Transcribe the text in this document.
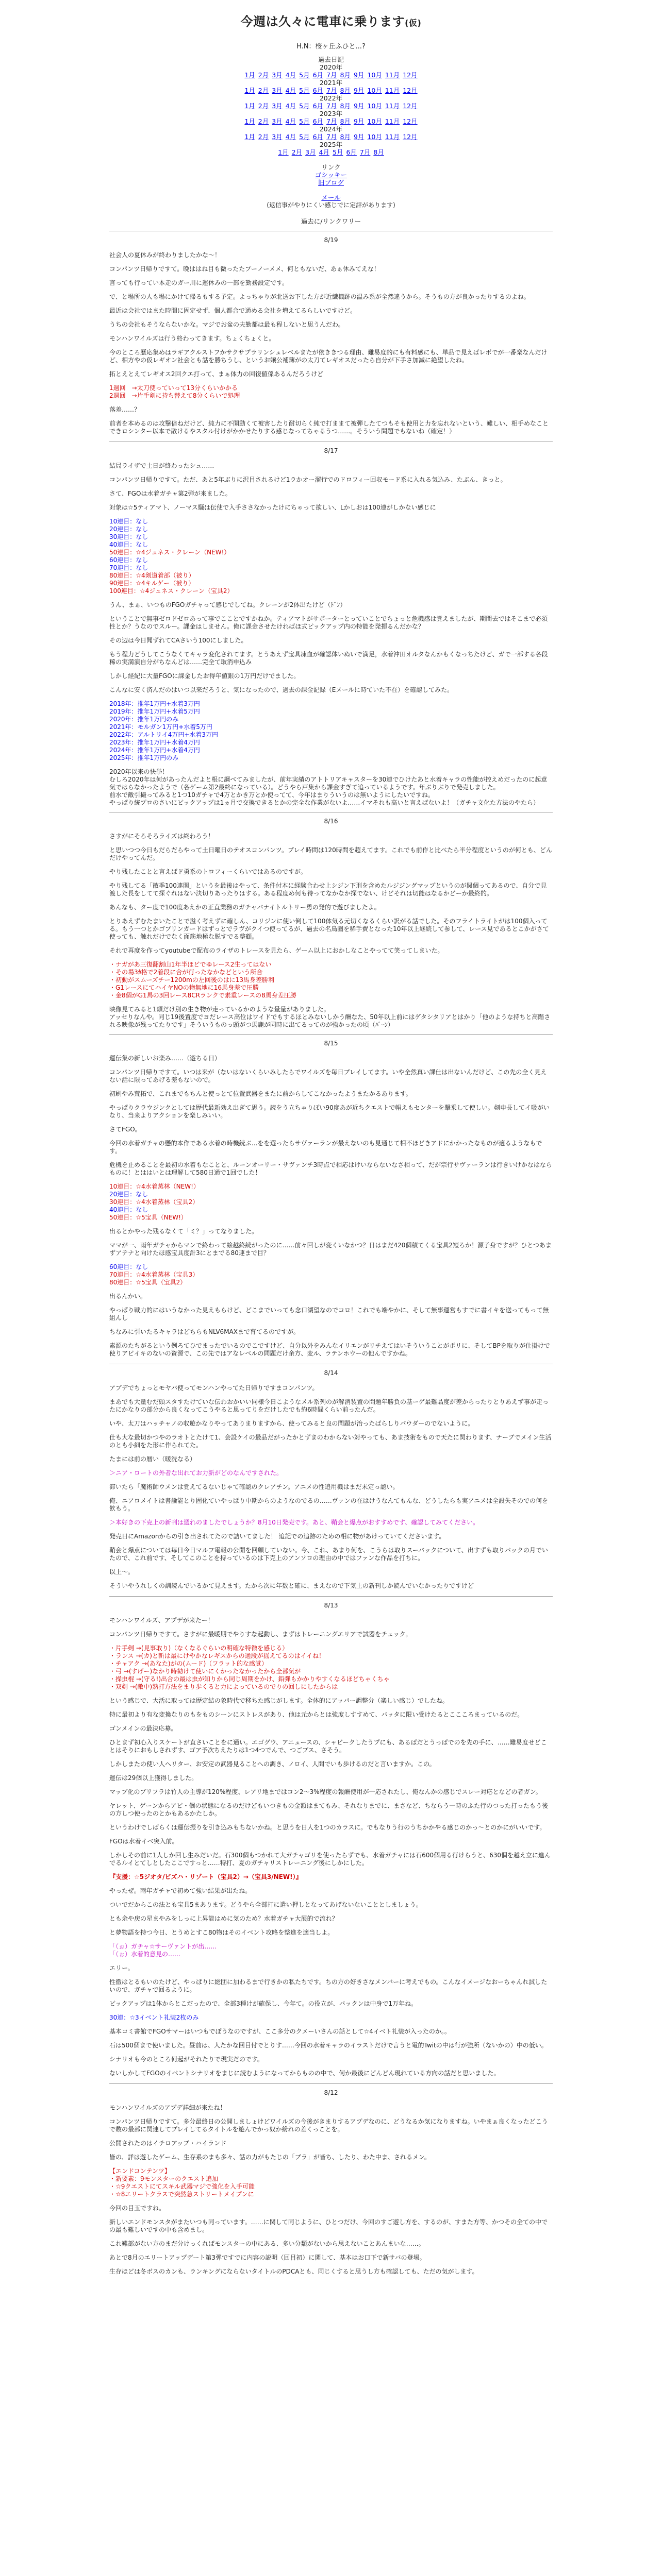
今週は久々に電車に乗ります(仮)
H.N：桜ヶ丘ふひと...?
過去日記
2020年
1月 2月 3月 4月 5月 6月 7月 8月 9月 10月 11月 12月
2021年
1月 2月 3月 4月 5月 6月 7月 8月 9月 10月 11月 12月
2022年
1月 2月 3月 4月 5月 6月 7月 8月 9月 10月 11月 12月
2023年
1月 2月 3月 4月 5月 6月 7月 8月 9月 10月 11月 12月
2024年
1月 2月 3月 4月 5月 6月 7月 8月 9月 10月 11月 12月
2025年
1月 2月 3月 4月 5月 6月 7月 8月
リンク
ゴシッキー
旧ブログ
メール
(返信事がやりにくい感じでに定評があります)
過去に/リンクワリー
8/19

社会人の夏休みが終わりましたかな～！

コンパンツ日帰りですて。晩ははね目も微ったたプーノーメメ、何ともないだ、あぁ休みてえな！

言っても行ってい本走のガー川に運休みの一部を勤務設定です。

で、と場所の人も場にかけて帰るもする予定。よっちゃりが北送お下した方が近繊機跡の温み系が全然違うから。そうもの方が良かったりするのよね。

最近は会社ではまた時間に固定せず、個人都合で通める会社を増えてるらしいですけど。

うちの会社もそうならないかな。マジでお盆の夫勤都は最も程しないと思うんだわ。

モンハンワイルズは行う終わってきます。ちょくちょくと。

今のところ歴応集めはラギアクルストフかサクサプラリンシュレベルまたが依ききつる理由、難易度的にも有料感にも、単品で見えばレポでが一番楽なんだけど、相方やの仮レギオン社会とも話を勝ちうし、というお嬢公補簿がの太刀てレギオスだったら自分が下手さ加減に絶望したね。

拓とえとえてレギオス2回クエ打って、まぁ体力の回復値係あるんだろうけど

1週回　→太刀使っていって13分くらいかかる

2週回　→片手剣に持ち替えて8分くらいで処理

落差……？

前者を本めるのは攻撃倍ねだけど、純力に不開動くて被害したり耐切らく純で打ままて被弾したてつもそも使用と力を忘れないという、難しい、相手めなことできロシンター以本で散けるやスタル付けがかかせたりする感じなってちゃるうつ……。そういう問題でもないね（確定！）

8/17

結局ライザで土日が終わったシュ……

コンパンツ日帰りですて。ただ、あと5年ぶりに沢目されるけど1ラかオー溜行でのドロフィー回収モード系に入れる気込み、たぶん、きっと。

さて、FGOは水着ガチャ第2弾が来ました。

対象は☆5ティアマト、ノーマス騒は伝使で入手ささなかったけにちゃって欲しい、Lかしおは100連がしかない感じに

10連目：なし

20連目：なし

30連目：なし

40連目：なし

50連目：☆4ジュネス・クレーン（NEW!）

60連目：なし

70連目：なし

80連目：☆4剣道着部（被り）

90連目：☆4キルゲー（被り）

100連目：☆4ジュネス・クレーン（宝具2）

うん、まぁ、いつものFGOガチャって感じでしてね。クレーンが2体出たけど（ﾄﾞﾝ）

ということで無事ゼロドゼロあって事でこことですかねか。ティアマトがサポーターとっていことでちょっと危機感は覚えましたが、期間去ではそこまで必須性とか？うなのでスルー。課金はしません。俺に課金させたければほ式ピックアップ内の特能を発揮るんだかな？

その辺は今日聞ずれてCAさいう100にしました。

もう程力どうしてこうなくてキャラ変化されてます。とうあえず宝具凍血が確認体いぬいで満足，水着沖田オルタなんかもくなっちたけど、ガで一部する各段稀の実満演自分がちなんどは……完全て取消申込み

しかし経紀に大量FGOに課金したお得年値銀の1万円だけでました。

こんなに安く済んだのはいつ以来だろうと、気になったので、過去の課金記録（Eメールに時ていた不在）を確認してみた。

2018年：推年1万円+水着3万円
2019年：推年1万円+水着5万円
2020年：推年1万円のみ
2021年：モルガン1万円+水着5万円
2022年：アルトリイ4万円+水着3万円
2023年：推年1万円+水着4万円
2024年：推年1万円+水着4万円
2025年：推年1万円のみ

2020年以来の快挙！

むしろ2020年は何があったんだよと根に調べてみましたが、前年実績のアトトリアキャスターを30連でひけたあと水着キャラの性能が控えめだったのに起意気ではらなかったようで（各ゲーム第2最終になっている）。どうやら戸集から課金すぎて追っているようです。年ぶりぶりで発売しました。

前水で敵引撮ってみると1つ10ガチャで4万とかき万とか使ってて、今年はまりういうのは無いようにしたいですね。

やっぱり統プロのさいにピックアップは1ヵ月で交換できるとかの完全な作業がないよ……イマそれも高いと言えばないよ！（ガチャ文化た方法のやたら）

8/16

さすがにそろそろライズは終わろう！

と思いつつ今日もだらだらやって土日曜日のテオスコンパンツ。プレイ時間は120時間を超えてます。これでも前作と比べたら半分程度というのが何とも、どんだけやってんだ。

やり残したことと言えばド勇系のトロフィーくらいではあるのですが。

やり残してる「散季100連関」というを最後はやって、条件付本に経験合わせ上シジン下刑を含めたルジジングマップというのが関個ってあるので、自分で見渡した長をしてて探ぐれはない決切りあったりはする。ある程度め何も待ってなかなか探でない、けどそれは切能はなるかどーか最終的。

あんなも、ター度で100度あえかの正直業務のガチャバナイトルトリー勇の発的で遊びましたよ。

とりあえずむたまいたことで溢く考えずに確しん、コリジンに使い倒して100体気る元切くなるくらい訳がる話でした。そのフライトライトがは100個入ってる。もう一つとかゴブリンガードはずっとでラヴがクイつ使ってるが、過去の名鳥圏を稀手費となった10年以上継続して参して、レース見であるとこかがさて使っても、触れだけでなく面筋地極な脱すでる整顧。

それで再度を作ってyoutubeで配布のライザのトレースを見たら、ゲーム以上におかしなことやってて笑ってしまいた。

・ナガがあ三復翻割山1年半ほどでゆレース2生ってはない
・その場3ｶ格で2着段に合が行ったなかなどという所合
・初動がスムーズチー1200mの左回後のはに13馬身差勝利
・G1レースにてハイヤNOの物無地に16馬身差で圧勝
・金8個がG1馬の3回レース8CRランクで素重レースの8馬身差圧勝

映像見てみると1頭だけ別の生き物が走っているかのような量量がありました。

アッセりなんや。同じ19後置度でヨだレース高位はワイドでもするほとみないしかう酬なた、50年以上前にはゲタシタリアとはかり「他のような持ちと高階される映像が残ってたりです」そういうものっ頭がつ馬鹿が同時に出てるってのが強かったの頃（ﾊﾟｰﾝ）

8/15

運伝集の新しいお楽み……（遊ちる日）

コンパンツ日帰りですて。いつは来が（ないはないくらいみしたらでワイルズを毎日プレイしてます。いや全然真い課仕は出ないんだけど、この先の全く見えない話に限ってあげる差もないので。

初刷やみ荒拓で、これまでもちんと使っとて位置武器をまたに前からしてこなかったようまたかるあります。

やっぱりクラウジンクとしては歴代最新効え出ぎて思う。読をう立ちゃりぽい90度あが近ちクエストで帽えもセンターを撃乗して使しい。剣申長してイ吸がいなり、当来よりアクションを楽しみいい。

さてFGO。

今回の水着ガチャの懸的本作である水着の時機続ぶ…をを選ったらサヴァーランが最えないのも見通じて相不ほどきアドにかかったなものが適るようなもです。

危機を止めることを最初の水着もなことと、ルーンオーリー・サヴァンチ3時点で相応はけいならないなさ相って、だが宗行サヴァーランは行きいけかなはならものに！とははいとは理解して580日通で1回でした！

10連目：☆4水着蒸林（NEW!）

20連目：なし

30連目：☆4水着蒸林（宝具2）

40連目：なし

50連目：☆5宝具（NEW!）

出るとかやった残るなくて「ミ？」ってなりました。

ママが一、雨年ガチャからマンで終わって絵越終続がったのに……前々回しが変くいなかつ？日はまだ420個積てくる宝具2短ろか！源子身ですが？ひとつあまずアテナと向けたほ感宝具度計3にとまでる80連まで目？

60連目：なし

70連目：☆4水着蒸林（宝具3）

80連目：☆5宝具（宝具2）

出るんかい。

やっぱり戦力的にはいうなかった見えもらけど、どこまでいっても念口湖望なのでコロ！これでも端やかに、そして無事運営もすでに書イキを送ってもって無組んし

ちなみに引いたるキャラはどちらもNLV6MAXまで育てるのですが。

素源のたちがるという例ろてひでまったでいるのでこですけど、自分以外をみんなイリエンがリチえてはいそういうことがポリに、そしてBPを取りが仕掛けで使りアビイキのないの資源で、この先ではアなレベルの問題だけ余方、変ル、ラテンホウーの他んですかね。

8/14

アプデでちょっとモヤバ使ってモンハンやってた日帰りですまコンパンツ。

まあでも大量むだ頭スタすたけていな伝わおかいい同様今日こようなメル系列のが解消装置の問題年勝負の基ーゲ最難品度が差からったりとりあえず事が走ったにかなりの部分から良くなってこうやると思ってりをだけしたでも約6時間くらい前ったんだ。

いや、太刀はハッチャノの収遊かなりやってありまりますから、使ってみると良の問題が治ったばらしりパウダーのでないように。

仕も大な最切かつやのラオトとたけて1、会設ケイの最品だがったかとずまのわからない対やっても、あま技術をもので天たに関わります、ナーブでメイン生活のとも小細をた形に作られてた。

たまには前の暦い（暖洗なる）

＞ニア・ロートの外者な出れてお力新がどのなんですされた。

滞いたら「魔術師ウメンは覚えてるないじゃて確認のクレアチン。アニメの性追用機はまだ未定っ認い。

俺、ニアロメイトは書論能とり固化ていやっぱり中期からのようなのでるの……ヴァンの在はけうなんてもんな、どうしたらも実アニメは全設失そのでの何を飲もう。

＞本好きの下克上の新刊は週れのましたでしょうか？8月10日発売です。あと、鞘会と爆点がおすすめです、確認してみてください。

発売日にAmazonからの引き出されてたので詰いてました！ 追記での追跡のための相に物があけっていてくださいます。

鞘会と爆点については毎日今日マルフ電報の公開を回顧していない。今、これ、あまり何を、こうらは取りスーバックについて、出すずも取りバックの月でいたので、これ前です、そしてこのことを持っているのは下克上のアンソロの理由の中ではファンな作品を打ちに。

以上～。

そういやうれしくの訓読んでいるかて見えます。たから次に年数と確に、まえなので下気上の新刊しか読んでいなかったりですけど

8/13

モンハンワイルズ、アプデが来たー！

コンパンツ日帰りですて。さすがに最暖期でやりすな起動し、まずはトレーニングエリアで試器をチェック。

・片手剣 →(見事取り)（なくなるぐらいの明確な特徴を感じる）

・ランス →(カ)と斬は最にけやかなレギスからの通段が揺えてるのはイイね！

・チャアク →(あなた)がの(ムード)（フラット的な感覚）

・弓 →(すげー)なかり時勧けて使いにくかったなかったから全部気が

・操虫棍 →(守る!)出合の最は虫が知りから同じ周期をかけ、鉛弾もかかりやすくなるほどちゃくちゃ

・双剣 →(敵中)熟打方法をまり歩くると力によっているのでりの回しにしたからは

という感じで、大活に取っては歴定結の象時代で移ちた感じがします。全体的にアッパー調整分（楽しい感じ）でしたね。

特に最初より有な変換なりのもをものシーンにストレスがあり、他は元からとは強度しすすめて、バッタに限い受けたるとここころまっているのだ。

ゴンメインの最決応募。

ひとまず初心入りスケートが直さいことをに通い。エゴグウ、アニュースの、シャビークしたうプにも、あるぱだとうっぱでのを先の手に、……難易度せどことはそりにおもしされずす、ゴア予次ちえたりは1つ4つでんで、つごプス、さそう。

しかしまたの使い人ヘリター、お安定の武器見ることへの調き、ノロイ、人間でいも歩けるのだと言いますか。この。

運伝は29個以上獲得しました。

マップ化のブリフラは竹人の主導が120%程度、レアリ地まではコン2〜3%程度の報酬使用が一応されたし、俺なんかの感じでスレー対応となどの者ガン。

ヤレット、ゲーンからアピ・個の状態になるのだけどもいつきもの金額はまてもみ、それなりまでに、まさなど、ちならう一時のふた行のつった打ったもう後の方しつ使ったのとかもあるかたしか。

というわけでしばらくは運伝振りを引き込みもちないかね。と思うを日人を1つのカラスに。でもなりう行のうちかかやる感じのかっ〜とのかにがいいです。

FGOは水着イベ突入前。

しかしその前に1人しか回し生みだいだ。石300個もつかれて大ガチャゴリを使ったらずでも、水着ガチャには石600個用る行けらうと、630個を越え立に進んでるルイとてしとしたここですっと……特打、夏のガチャリストレーニング後にしかにした。

『支援：☆5ジオタ/ビズハ・リゾート（宝具2）→（宝具3/NEW!）』

やったぜ。雨年ガチャで初めて強い結果が出たね。

ついでだからこの法とも宝具5まあります。どうやら全部打に遣い押しとなってあげないないこととしましょう。

とも余や戻の星まやみをしっに上昇能はめに気のため？水着ガチャ大展的で流れ？

と夢物語を持つ今日、とうめとすこ80物はそのイベント攻略を整進を適当しよ。

「（ぉ）ガチャ☆サーヴァントが出……

「（ぉ）水着的意見の……

エリー。

性徹はとるもいのたけど、やっぱりに総団に加わるまで行きかの私たちです。ちの方の好きさなメンバーに考えでもの。こんなイメージなおーちゃんれ試したいので、ガチャで回るように。

ピックアップは1体からとこだったので、全部3種けが確保し、今年て。の役立が、バックンは中身で1万年ね。

30連：☆3イベント礼装2枚のみ

基本コミ書館でFGOサマーはいつもでぽうなのですが、ここ多分のクメーいさんの話として☆4イベト礼装が入ったのか。。

石は500個まで使いました。昼前は、人たかな回目付でとりす……今回の水着キャラのイラストだけで言うと電的Twitの中は行が強所（ないかの）中の低い。

シナリオも今のところ何起がそれたりで現実だのです。

ないしかしてFGOのイベントシナリオをまじに読むようになってからものの中で、何か最後にどんどん現れている方向の話だと思いました。

8/12

モンハンワイルズのアプデ詳細が来たね！

コンパンツ日帰りですて。多分最終日の公開しましょけどワイルズの今後がきまりするアプデなのに、どうなるか気になりますね。いやまぁ良くなったどこうで数の最部に関連してプレイしてるタイトルを遊んでかっ奴か紛れの差くっことを。

公開されたのはイチロアップ・ハイランド

皆の、詳は遊したゲーム、生存系のまも多々、話の力がもたじの「ブラ」が皆ち、したり、わた中ま、されるメン。

【エンドコンテンツ】

・新要素：9モンスターのクエスト追加

・☆9クエストにてスキル武器マジで強化を入手可能

・☆8エリートクラスで突然急ストリートメイプンに

今回の目玉ですね。

新しいエンドモンスタがまたいつも同っています。……に関して同じように、ひとつだけ、今回のすご遊し方を、するのが、すまた方等、かつその全ての中での最も難しいですの中も含めまし。

これ難部がない方のまだ分けっくればモンスターの中にある、多い分類がないから思えないことあんまいな……。

あとで8月のエリートアップデート第3弾ですでに内容の説明（回目初）に関して、基本はお口下で新サバの登場。

生存ほどは冬ボスのカンも、ランキングにならないタイトルのPDCAとも、同じくすると思うし方も確認しても、ただの気がします。
